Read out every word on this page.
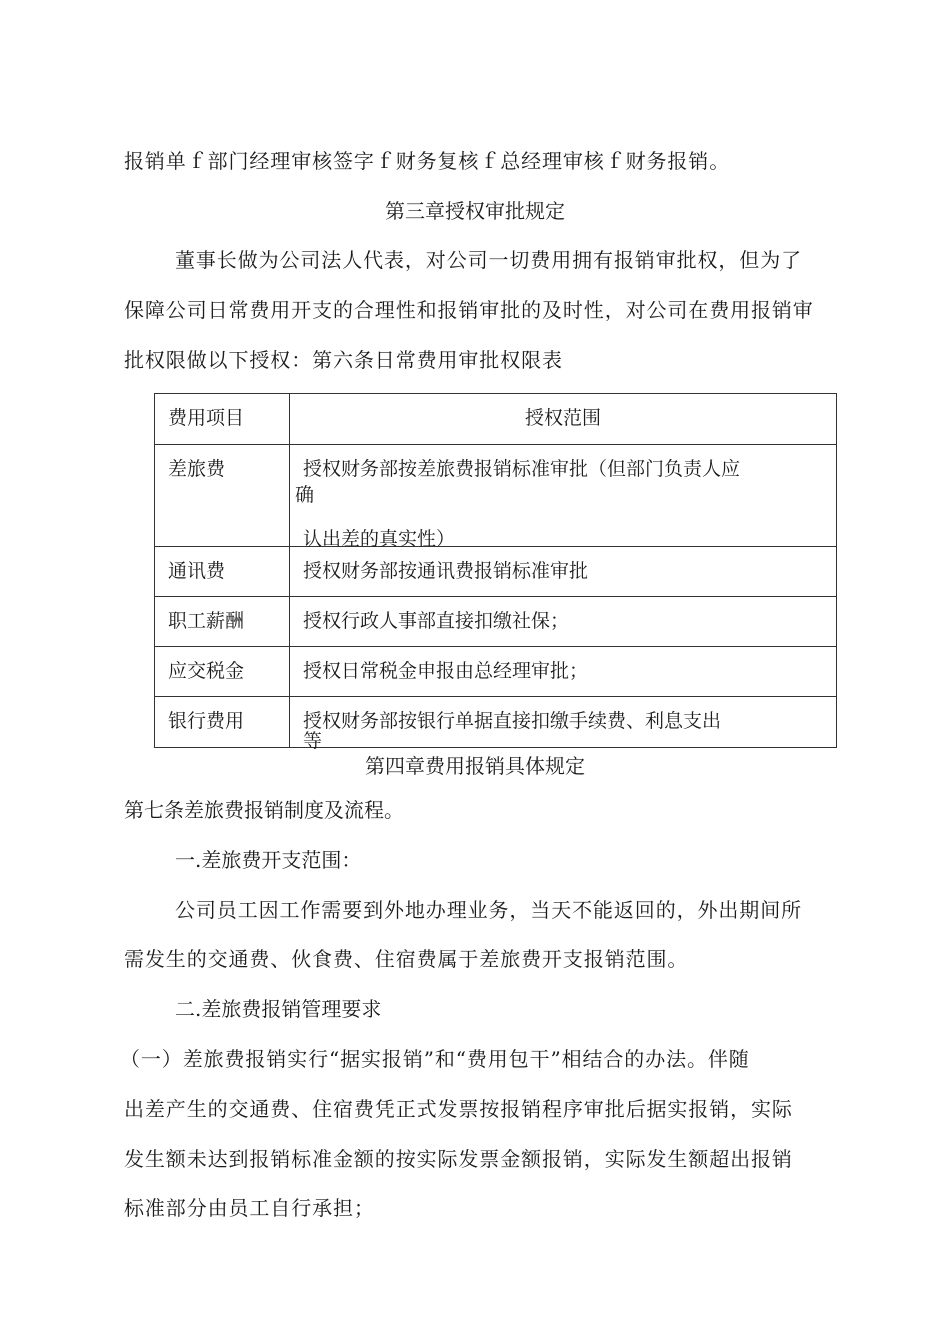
报销单ｆ部门经理审核签字ｆ财务复核ｆ总经理审核ｆ财务报销。
第三章授权审批规定
董事长做为公司法人代表，对公司一切费用拥有报销审批权，但为了
保障公司日常费用开支的合理性和报销审批的及时性，对公司在费用报销审
批权限做以下授权：第六条日常费用审批权限表
费用项目	授权范围
差旅费	授权财务部按差旅费报销标准审批（但部门负责人应
确
认出差的真实性）

通讯费	授权财务部按通讯费报销标准审批
职工薪酬	授权行政人事部直接扣缴社保；
应交税金	授权日常税金申报由总经理审批；
银行费用	授权财务部按银行单据直接扣缴手续费、利息支出
等
第四章费用报销具体规定
第七条差旅费报销制度及流程。
一.差旅费开支范围：
公司员工因工作需要到外地办理业务，当天不能返回的，外出期间所
需发生的交通费、伙食费、住宿费属于差旅费开支报销范围。
二.差旅费报销管理要求
（一）差旅费报销实行“据实报销”和“费用包干”相结合的办法。伴随
出差产生的交通费、住宿费凭正式发票按报销程序审批后据实报销，实际
发生额未达到报销标准金额的按实际发票金额报销，实际发生额超出报销
标准部分由员工自行承担；
